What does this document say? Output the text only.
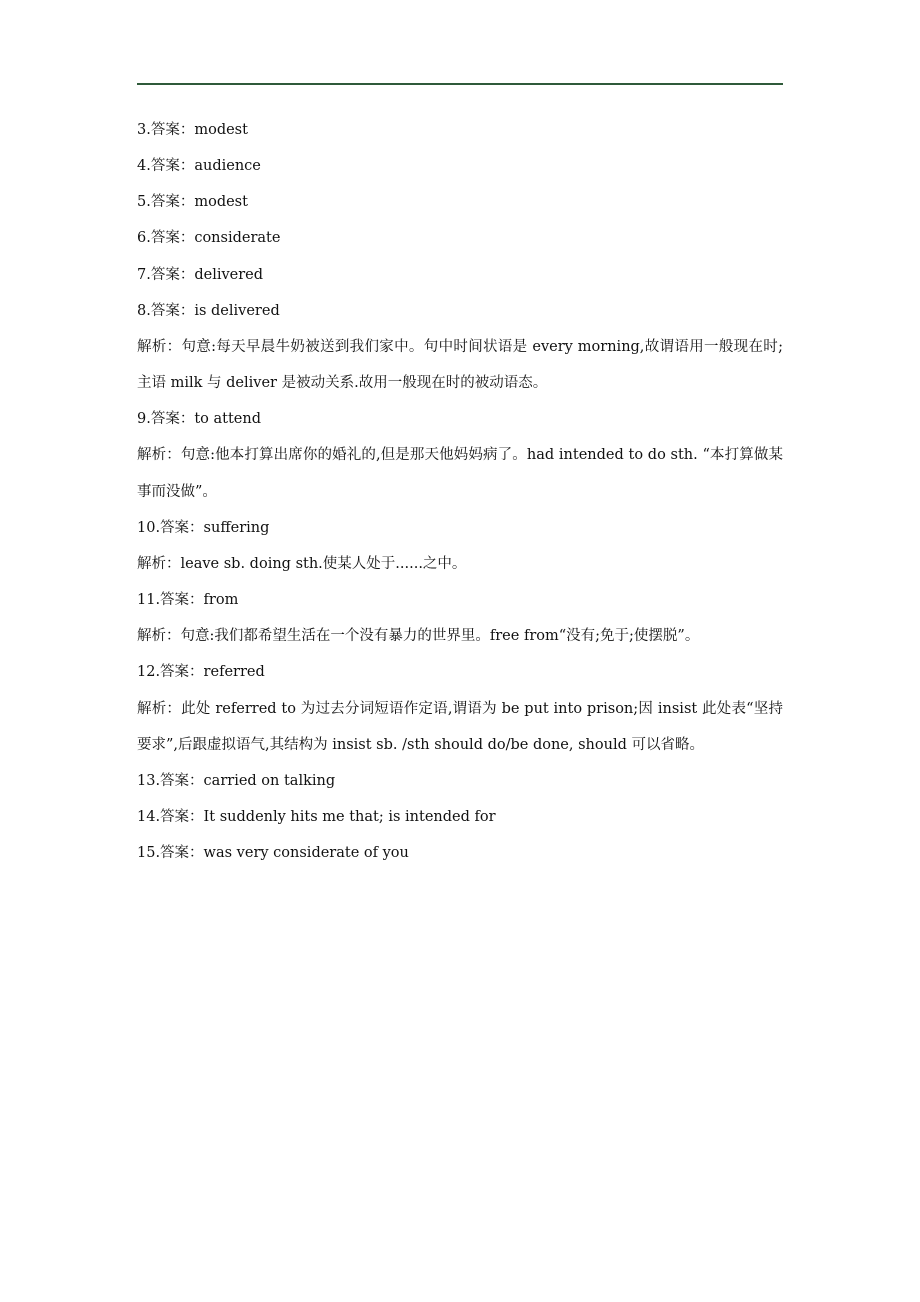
3.答案：modest

4.答案：audience

5.答案：modest

6.答案：considerate

7.答案：delivered

8.答案：is delivered

解析：句意:每天早晨牛奶被送到我们家中。句中时间状语是 every morning,故谓语用一般现在时;主语 milk 与 deliver 是被动关系.故用一般现在时的被动语态。

9.答案：to attend

解析：句意:他本打算出席你的婚礼的,但是那天他妈妈病了。had intended to do sth. “本打算做某事而没做”。

10.答案：suffering

解析：leave sb. doing sth.使某人处于......之中。

11.答案：from

解析：句意:我们都希望生活在一个没有暴力的世界里。free from“没有;免于;使摆脱”。

12.答案：referred

解析：此处 referred to 为过去分词短语作定语,谓语为 be put into prison;因 insist 此处表“坚持要求”,后跟虚拟语气,其结构为 insist sb. /sth should do/be done, should 可以省略。

13.答案：carried on talking

14.答案：It suddenly hits me that; is intended for

15.答案：was very considerate of you
